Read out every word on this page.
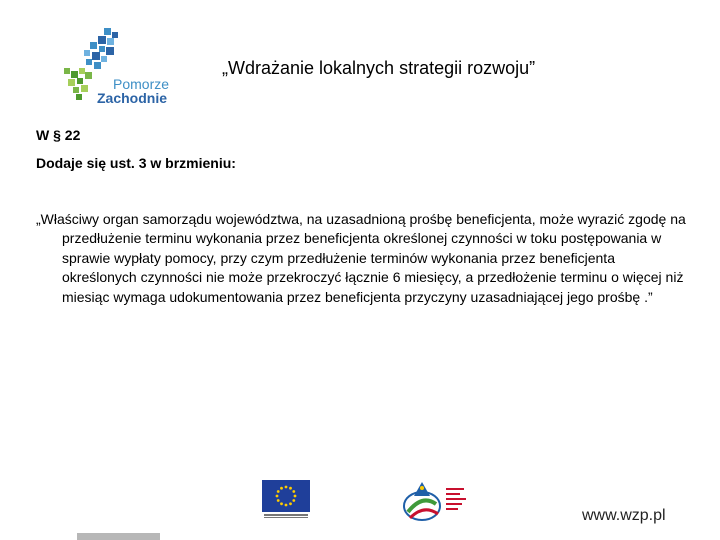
Pomorze
Zachodnie
„Wdrażanie lokalnych strategii rozwoju”
W § 22
Dodaje się ust. 3 w brzmieniu:
„Właściwy organ samorządu województwa, na uzasadnioną prośbę beneficjenta, może wyrazić zgodę na przedłużenie terminu wykonania przez beneficjenta określonej czynności w toku postępowania w sprawie wypłaty pomocy, przy czym przedłużenie terminów wykonania przez beneficjenta określonych czynności nie może przekroczyć łącznie 6 miesięcy, a przedłożenie terminu o więcej niż miesiąc wymaga udokumentowania przez beneficjenta przyczyny uzasadniającej jego prośbę .”
www.wzp.pl
